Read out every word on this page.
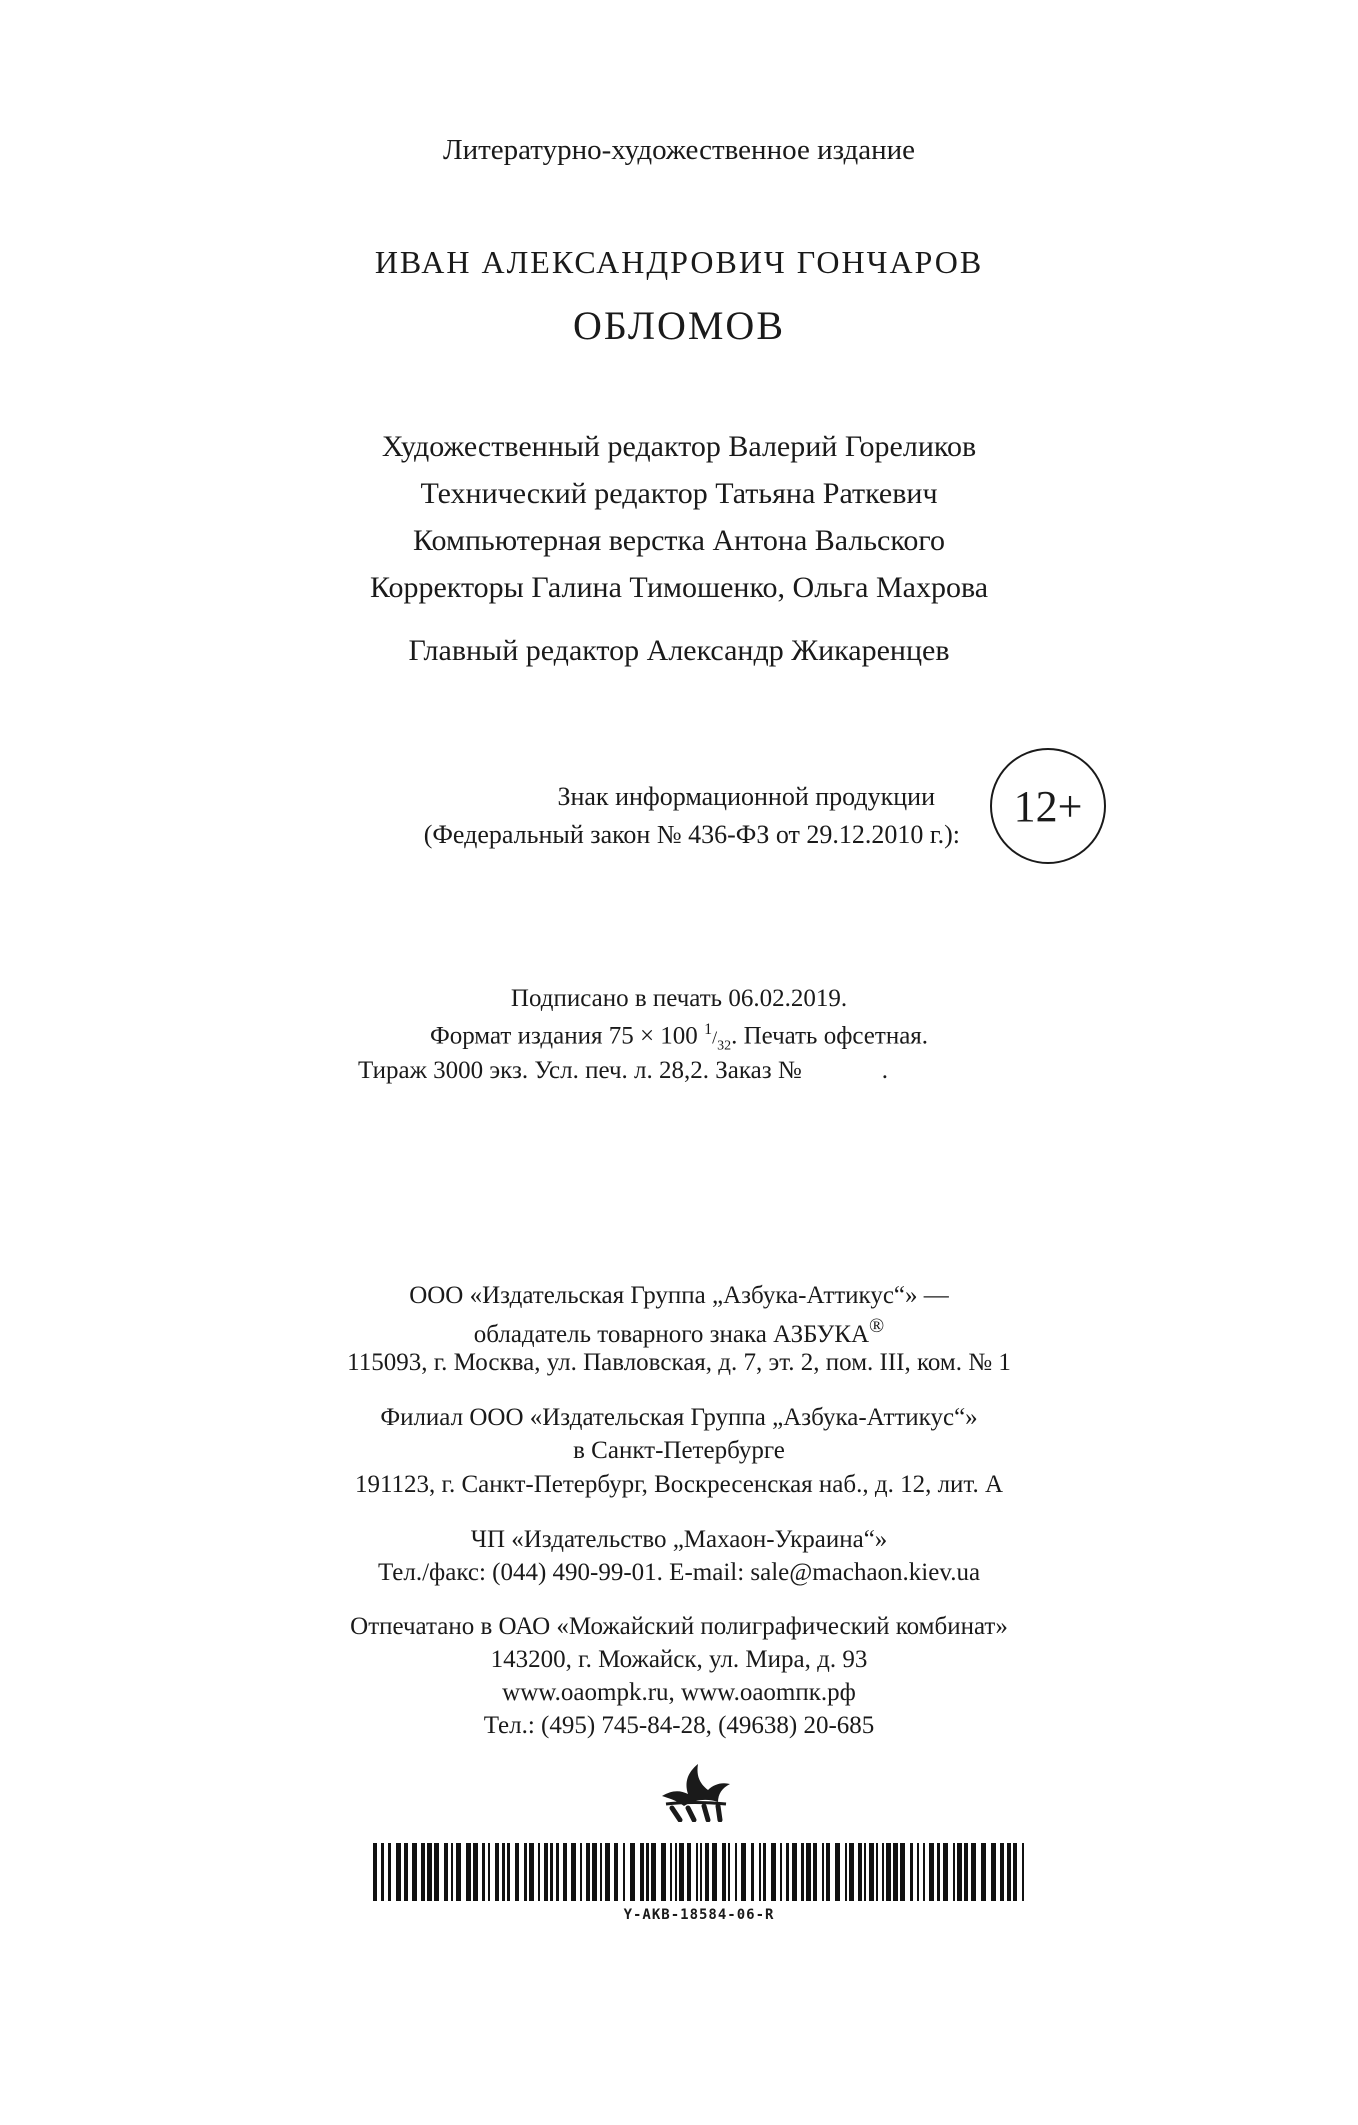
Литературно-художественное издание
ИВАН АЛЕКСАНДРОВИЧ ГОНЧАРОВ
ОБЛОМОВ
Художественный редактор Валерий Гореликов
Технический редактор Татьяна Раткевич
Компьютерная верстка Антона Вальского
Корректоры Галина Тимошенко, Ольга Махрова
Главный редактор Александр Жикаренцев
Знак информационной продукции
(Федеральный закон № 436-ФЗ от 29.12.2010 г.):
12+
Подписано в печать 06.02.2019.
Формат издания 75 × 100 $^1/_{32}$. Печать офсетная.
Тираж 3000 экз. Усл. печ. л. 28,2. Заказ №	.
ООО «Издательская Группа „Азбука-Аттикус“» —
обладатель товарного знака АЗБУКА®
115093, г. Москва, ул. Павловская, д. 7, эт. 2, пом. III, ком. № 1
Филиал ООО «Издательская Группа „Азбука-Аттикус“»
в Санкт-Петербурге
191123, г. Санкт-Петербург, Воскресенская наб., д. 12, лит. А
ЧП «Издательство „Махаон-Украина“»
Тел./факс: (044) 490-99-01. E-mail: sale@machaon.kiev.ua
Отпечатано в ОАО «Можайский полиграфический комбинат»
143200, г. Можайск, ул. Мира, д. 93
www.oaompk.ru, www.oaomпк.рф
Тел.: (495) 745-84-28, (49638) 20-685
Y-AKB-18584-06-R
